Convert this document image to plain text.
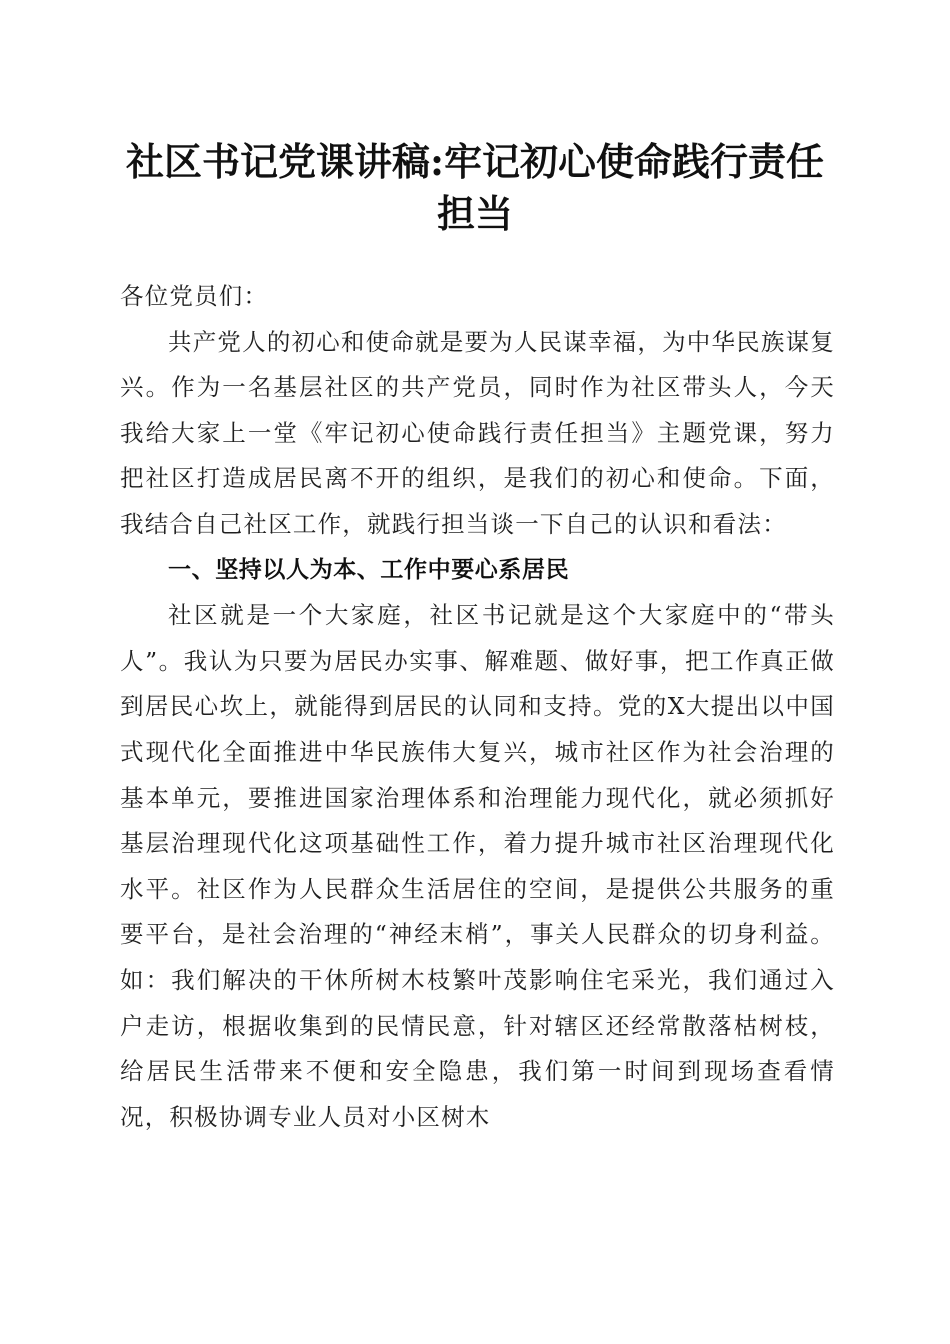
社区书记党课讲稿:牢记初心使命践行责任担当

各位党员们：

共产党人的初心和使命就是要为人民谋幸福，为中华民族谋复兴。作为一名基层社区的共产党员，同时作为社区带头人，今天我给大家上一堂《牢记初心使命践行责任担当》主题党课，努力把社区打造成居民离不开的组织，是我们的初心和使命。下面，我结合自己社区工作，就践行担当谈一下自己的认识和看法：

一、坚持以人为本、工作中要心系居民

社区就是一个大家庭，社区书记就是这个大家庭中的“带头人”。我认为只要为居民办实事、解难题、做好事，把工作真正做到居民心坎上，就能得到居民的认同和支持。党的X大提出以中国式现代化全面推进中华民族伟大复兴，城市社区作为社会治理的基本单元，要推进国家治理体系和治理能力现代化，就必须抓好基层治理现代化这项基础性工作，着力提升城市社区治理现代化水平。社区作为人民群众生活居住的空间，是提供公共服务的重要平台，是社会治理的“神经末梢”，事关人民群众的切身利益。如：我们解决的干休所树木枝繁叶茂影响住宅采光，我们通过入户走访，根据收集到的民情民意，针对辖区还经常散落枯树枝，给居民生活带来不便和安全隐患，我们第一时间到现场查看情况，积极协调专业人员对小区树木
